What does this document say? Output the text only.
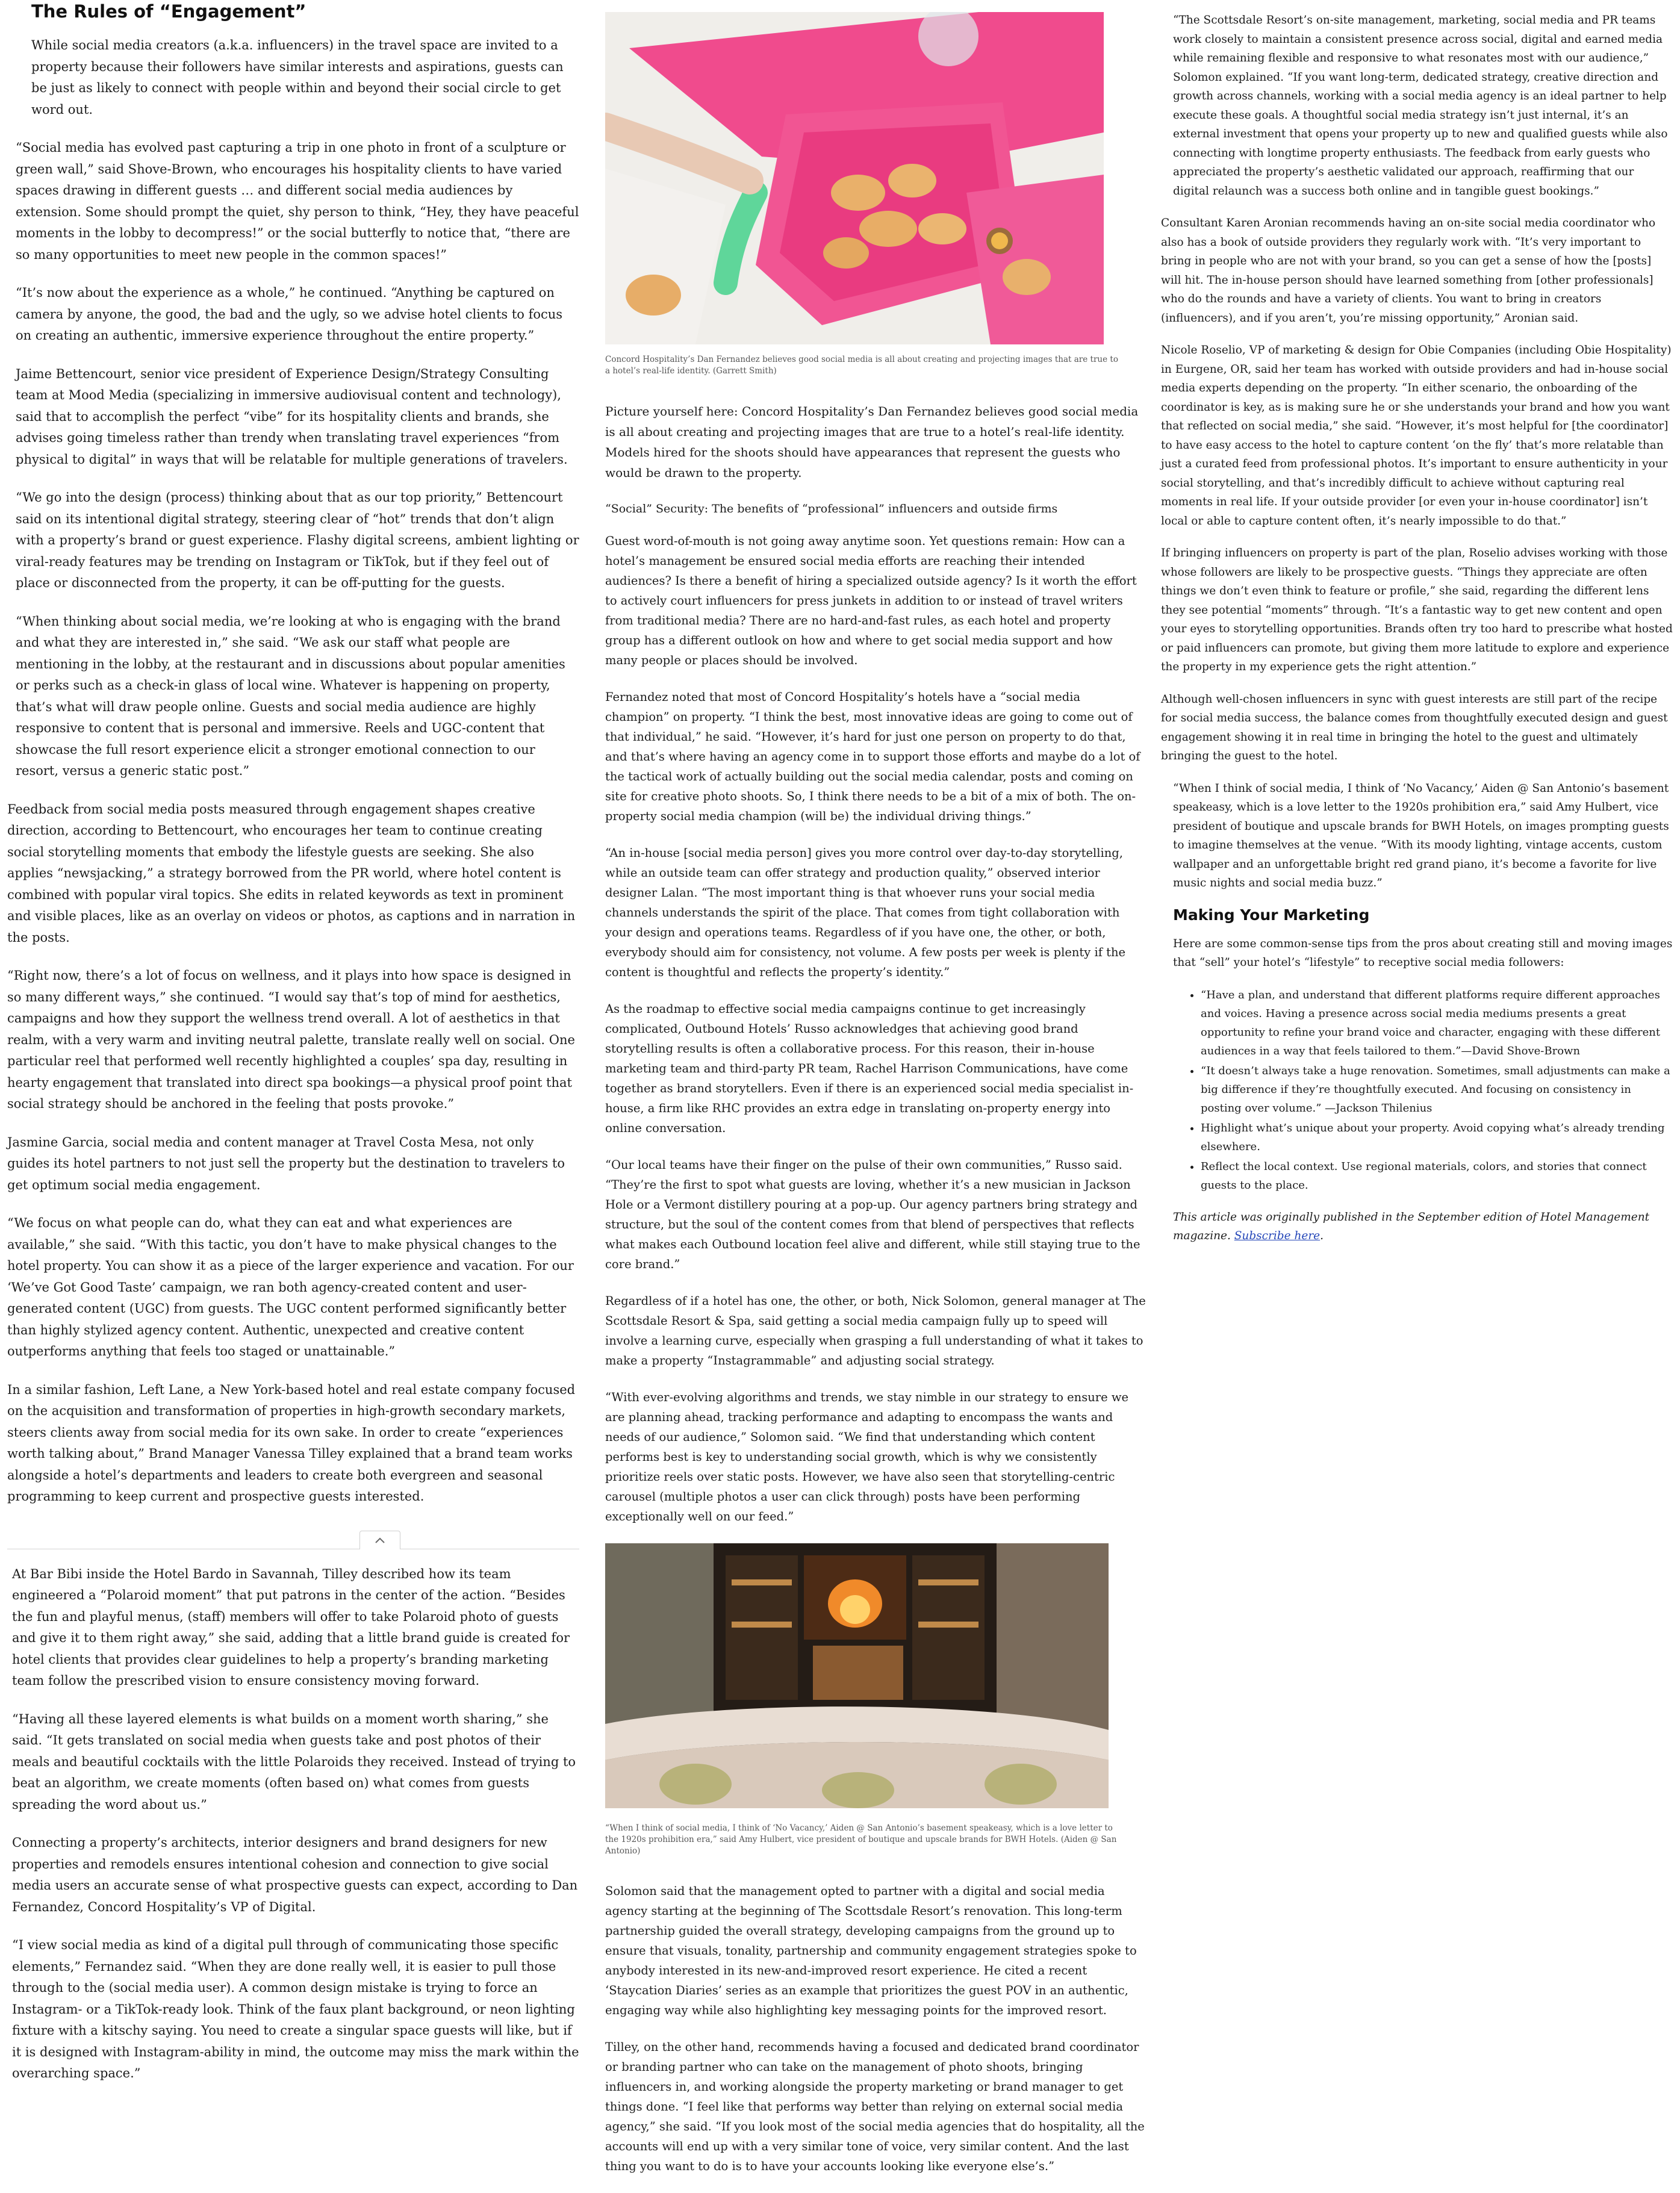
The Rules of “Engagement”

While social media creators (a.k.a. influencers) in the travel space are invited to a property because their followers have similar interests and aspirations, guests can be just as likely to connect with people within and beyond their social circle to get word out.

“Social media has evolved past capturing a trip in one photo in front of a sculpture or green wall,” said Shove-Brown, who encourages his hospitality clients to have varied spaces drawing in different guests … and different social media audiences by extension. Some should prompt the quiet, shy person to think, “Hey, they have peaceful moments in the lobby to decompress!” or the social butterfly to notice that, “there are so many opportunities to meet new people in the common spaces!”

“It’s now about the experience as a whole,” he continued. “Anything be captured on camera by anyone, the good, the bad and the ugly, so we advise hotel clients to focus on creating an authentic, immersive experience throughout the entire property.”

Jaime Bettencourt, senior vice president of Experience Design/Strategy Consulting team at Mood Media (specializing in immersive audiovisual content and technology), said that to accomplish the perfect “vibe” for its hospitality clients and brands, she advises going timeless rather than trendy when translating travel experiences “from physical to digital” in ways that will be relatable for multiple generations of travelers.

“We go into the design (process) thinking about that as our top priority,” Bettencourt said on its intentional digital strategy, steering clear of “hot” trends that don’t align with a property’s brand or guest experience. Flashy digital screens, ambient lighting or viral-ready features may be trending on Instagram or TikTok, but if they feel out of place or disconnected from the property, it can be off-putting for the guests.

“When thinking about social media, we’re looking at who is engaging with the brand and what they are interested in,” she said. “We ask our staff what people are mentioning in the lobby, at the restaurant and in discussions about popular amenities or perks such as a check-in glass of local wine. Whatever is happening on property, that’s what will draw people online. Guests and social media audience are highly responsive to content that is personal and immersive. Reels and UGC-content that showcase the full resort experience elicit a stronger emotional connection to our resort, versus a generic static post.”

Feedback from social media posts measured through engagement shapes creative direction, according to Bettencourt, who encourages her team to continue creating social storytelling moments that embody the lifestyle guests are seeking. She also applies “newsjacking,” a strategy borrowed from the PR world, where hotel content is combined with popular viral topics. She edits in related keywords as text in prominent and visible places, like as an overlay on videos or photos, as captions and in narration in the posts.

“Right now, there’s a lot of focus on wellness, and it plays into how space is designed in so many different ways,” she continued. “I would say that’s top of mind for aesthetics, campaigns and how they support the wellness trend overall. A lot of aesthetics in that realm, with a very warm and inviting neutral palette, translate really well on social. One particular reel that performed well recently highlighted a couples’ spa day, resulting in hearty engagement that translated into direct spa bookings—a physical proof point that social strategy should be anchored in the feeling that posts provoke.”

Jasmine Garcia, social media and content manager at Travel Costa Mesa, not only guides its hotel partners to not just sell the property but the destination to travelers to get optimum social media engagement.

“We focus on what people can do, what they can eat and what experiences are available,” she said. “With this tactic, you don’t have to make physical changes to the hotel property. You can show it as a piece of the larger experience and vacation. For our ‘We’ve Got Good Taste’ campaign, we ran both agency-created content and user-generated content (UGC) from guests. The UGC content performed significantly better than highly stylized agency content. Authentic, unexpected and creative content outperforms anything that feels too staged or unattainable.”

In a similar fashion, Left Lane, a New York-based hotel and real estate company focused on the acquisition and transformation of properties in high-growth secondary markets, steers clients away from social media for its own sake. In order to create “experiences worth talking about,” Brand Manager Vanessa Tilley explained that a brand team works alongside a hotel’s departments and leaders to create both evergreen and seasonal programming to keep current and prospective guests interested.

At Bar Bibi inside the Hotel Bardo in Savannah, Tilley described how its team engineered a “Polaroid moment” that put patrons in the center of the action. “Besides the fun and playful menus, (staff) members will offer to take Polaroid photo of guests and give it to them right away,” she said, adding that a little brand guide is created for hotel clients that provides clear guidelines to help a property’s branding marketing team follow the prescribed vision to ensure consistency moving forward.

“Having all these layered elements is what builds on a moment worth sharing,” she said. “It gets translated on social media when guests take and post photos of their meals and beautiful cocktails with the little Polaroids they received. Instead of trying to beat an algorithm, we create moments (often based on) what comes from guests spreading the word about us.”

Connecting a property’s architects, interior designers and brand designers for new properties and remodels ensures intentional cohesion and connection to give social media users an accurate sense of what prospective guests can expect, according to Dan Fernandez, Concord Hospitality’s VP of Digital.

“I view social media as kind of a digital pull through of communicating those specific elements,” Fernandez said. “When they are done really well, it is easier to pull those through to the (social media user). A common design mistake is trying to force an Instagram- or a TikTok-ready look. Think of the faux plant background, or neon lighting fixture with a kitschy saying. You need to create a singular space guests will like, but if it is designed with Instagram-ability in mind, the outcome may miss the mark within the overarching space.”

Concord Hospitality’s Dan Fernandez believes good social media is all about creating and projecting images that are true to a hotel’s real-life identity. (Garrett Smith)

Picture yourself here: Concord Hospitality’s Dan Fernandez believes good social media is all about creating and projecting images that are true to a hotel’s real-life identity. Models hired for the shoots should have appearances that represent the guests who would be drawn to the property.

“Social” Security: The benefits of “professional” influencers and outside firms

Guest word-of-mouth is not going away anytime soon. Yet questions remain: How can a hotel’s management be ensured social media efforts are reaching their intended audiences? Is there a benefit of hiring a specialized outside agency? Is it worth the effort to actively court influencers for press junkets in addition to or instead of travel writers from traditional media? There are no hard-and-fast rules, as each hotel and property group has a different outlook on how and where to get social media support and how many people or places should be involved.

Fernandez noted that most of Concord Hospitality’s hotels have a “social media champion” on property. “I think the best, most innovative ideas are going to come out of that individual,” he said. “However, it’s hard for just one person on property to do that, and that’s where having an agency come in to support those efforts and maybe do a lot of the tactical work of actually building out the social media calendar, posts and coming on site for creative photo shoots. So, I think there needs to be a bit of a mix of both. The on-property social media champion (will be) the individual driving things.”

“An in-house [social media person] gives you more control over day-to-day storytelling, while an outside team can offer strategy and production quality,” observed interior designer Lalan. “The most important thing is that whoever runs your social media channels understands the spirit of the place. That comes from tight collaboration with your design and operations teams. Regardless of if you have one, the other, or both, everybody should aim for consistency, not volume. A few posts per week is plenty if the content is thoughtful and reflects the property’s identity.”

As the roadmap to effective social media campaigns continue to get increasingly complicated, Outbound Hotels’ Russo acknowledges that achieving good brand storytelling results is often a collaborative process. For this reason, their in-house marketing team and third-party PR team, Rachel Harrison Communications, have come together as brand storytellers. Even if there is an experienced social media specialist in-house, a firm like RHC provides an extra edge in translating on-property energy into online conversation.

“Our local teams have their finger on the pulse of their own communities,” Russo said. “They’re the first to spot what guests are loving, whether it’s a new musician in Jackson Hole or a Vermont distillery pouring at a pop-up. Our agency partners bring strategy and structure, but the soul of the content comes from that blend of perspectives that reflects what makes each Outbound location feel alive and different, while still staying true to the core brand.”

Regardless of if a hotel has one, the other, or both, Nick Solomon, general manager at The Scottsdale Resort & Spa, said getting a social media campaign fully up to speed will involve a learning curve, especially when grasping a full understanding of what it takes to make a property “Instagrammable” and adjusting social strategy.

“With ever-evolving algorithms and trends, we stay nimble in our strategy to ensure we are planning ahead, tracking performance and adapting to encompass the wants and needs of our audience,” Solomon said. “We find that understanding which content performs best is key to understanding social growth, which is why we consistently prioritize reels over static posts. However, we have also seen that storytelling-centric carousel (multiple photos a user can click through) posts have been performing exceptionally well on our feed.”

“When I think of social media, I think of ‘No Vacancy,’ Aiden @ San Antonio’s basement speakeasy, which is a love letter to the 1920s prohibition era,” said Amy Hulbert, vice president of boutique and upscale brands for BWH Hotels. (Aiden @ San Antonio)

Solomon said that the management opted to partner with a digital and social media agency starting at the beginning of The Scottsdale Resort’s renovation. This long-term partnership guided the overall strategy, developing campaigns from the ground up to ensure that visuals, tonality, partnership and community engagement strategies spoke to anybody interested in its new-and-improved resort experience. He cited a recent ‘Staycation Diaries’ series as an example that prioritizes the guest POV in an authentic, engaging way while also highlighting key messaging points for the improved resort.

Tilley, on the other hand, recommends having a focused and dedicated brand coordinator or branding partner who can take on the management of photo shoots, bringing influencers in, and working alongside the property marketing or brand manager to get things done. “I feel like that performs way better than relying on external social media agency,” she said. “If you look most of the social media agencies that do hospitality, all the accounts will end up with a very similar tone of voice, very similar content. And the last thing you want to do is to have your accounts looking like everyone else’s.”

“The Scottsdale Resort’s on-site management, marketing, social media and PR teams work closely to maintain a consistent presence across social, digital and earned media while remaining flexible and responsive to what resonates most with our audience,” Solomon explained. “If you want long-term, dedicated strategy, creative direction and growth across channels, working with a social media agency is an ideal partner to help execute these goals. A thoughtful social media strategy isn’t just internal, it’s an external investment that opens your property up to new and qualified guests while also connecting with longtime property enthusiasts. The feedback from early guests who appreciated the property’s aesthetic validated our approach, reaffirming that our digital relaunch was a success both online and in tangible guest bookings.”

Consultant Karen Aronian recommends having an on-site social media coordinator who also has a book of outside providers they regularly work with. “It’s very important to bring in people who are not with your brand, so you can get a sense of how the [posts] will hit. The in-house person should have learned something from [other professionals] who do the rounds and have a variety of clients. You want to bring in creators (influencers), and if you aren’t, you’re missing opportunity,” Aronian said.

Nicole Roselio, VP of marketing & design for Obie Companies (including Obie Hospitality) in Eurgene, OR, said her team has worked with outside providers and had in-house social media experts depending on the property. “In either scenario, the onboarding of the coordinator is key, as is making sure he or she understands your brand and how you want that reflected on social media,” she said. “However, it’s most helpful for [the coordinator] to have easy access to the hotel to capture content ‘on the fly’ that’s more relatable than just a curated feed from professional photos. It’s important to ensure authenticity in your social storytelling, and that’s incredibly difficult to achieve without capturing real moments in real life. If your outside provider [or even your in-house coordinator] isn’t local or able to capture content often, it’s nearly impossible to do that.”

If bringing influencers on property is part of the plan, Roselio advises working with those whose followers are likely to be prospective guests. “Things they appreciate are often things we don’t even think to feature or profile,” she said, regarding the different lens they see potential “moments” through. “It’s a fantastic way to get new content and open your eyes to storytelling opportunities. Brands often try too hard to prescribe what hosted or paid influencers can promote, but giving them more latitude to explore and experience the property in my experience gets the right attention.”

Although well-chosen influencers in sync with guest interests are still part of the recipe for social media success, the balance comes from thoughtfully executed design and guest engagement showing it in real time in bringing the hotel to the guest and ultimately bringing the guest to the hotel.

“When I think of social media, I think of ‘No Vacancy,’ Aiden @ San Antonio’s basement speakeasy, which is a love letter to the 1920s prohibition era,” said Amy Hulbert, vice president of boutique and upscale brands for BWH Hotels, on images prompting guests to imagine themselves at the venue. “With its moody lighting, vintage accents, custom wallpaper and an unforgettable bright red grand piano, it’s become a favorite for live music nights and social media buzz.”

Making Your Marketing

Here are some common-sense tips from the pros about creating still and moving images that “sell” your hotel’s “lifestyle” to receptive social media followers:

• “Have a plan, and understand that different platforms require different approaches and voices. Having a presence across social media mediums presents a great opportunity to refine your brand voice and character, engaging with these different audiences in a way that feels tailored to them.”—David Shove-Brown
• “It doesn’t always take a huge renovation. Sometimes, small adjustments can make a big difference if they’re thoughtfully executed. And focusing on consistency in posting over volume.” —Jackson Thilenius
• Highlight what’s unique about your property. Avoid copying what’s already trending elsewhere.
• Reflect the local context. Use regional materials, colors, and stories that connect guests to the place.

This article was originally published in the September edition of Hotel Management magazine. Subscribe here.
